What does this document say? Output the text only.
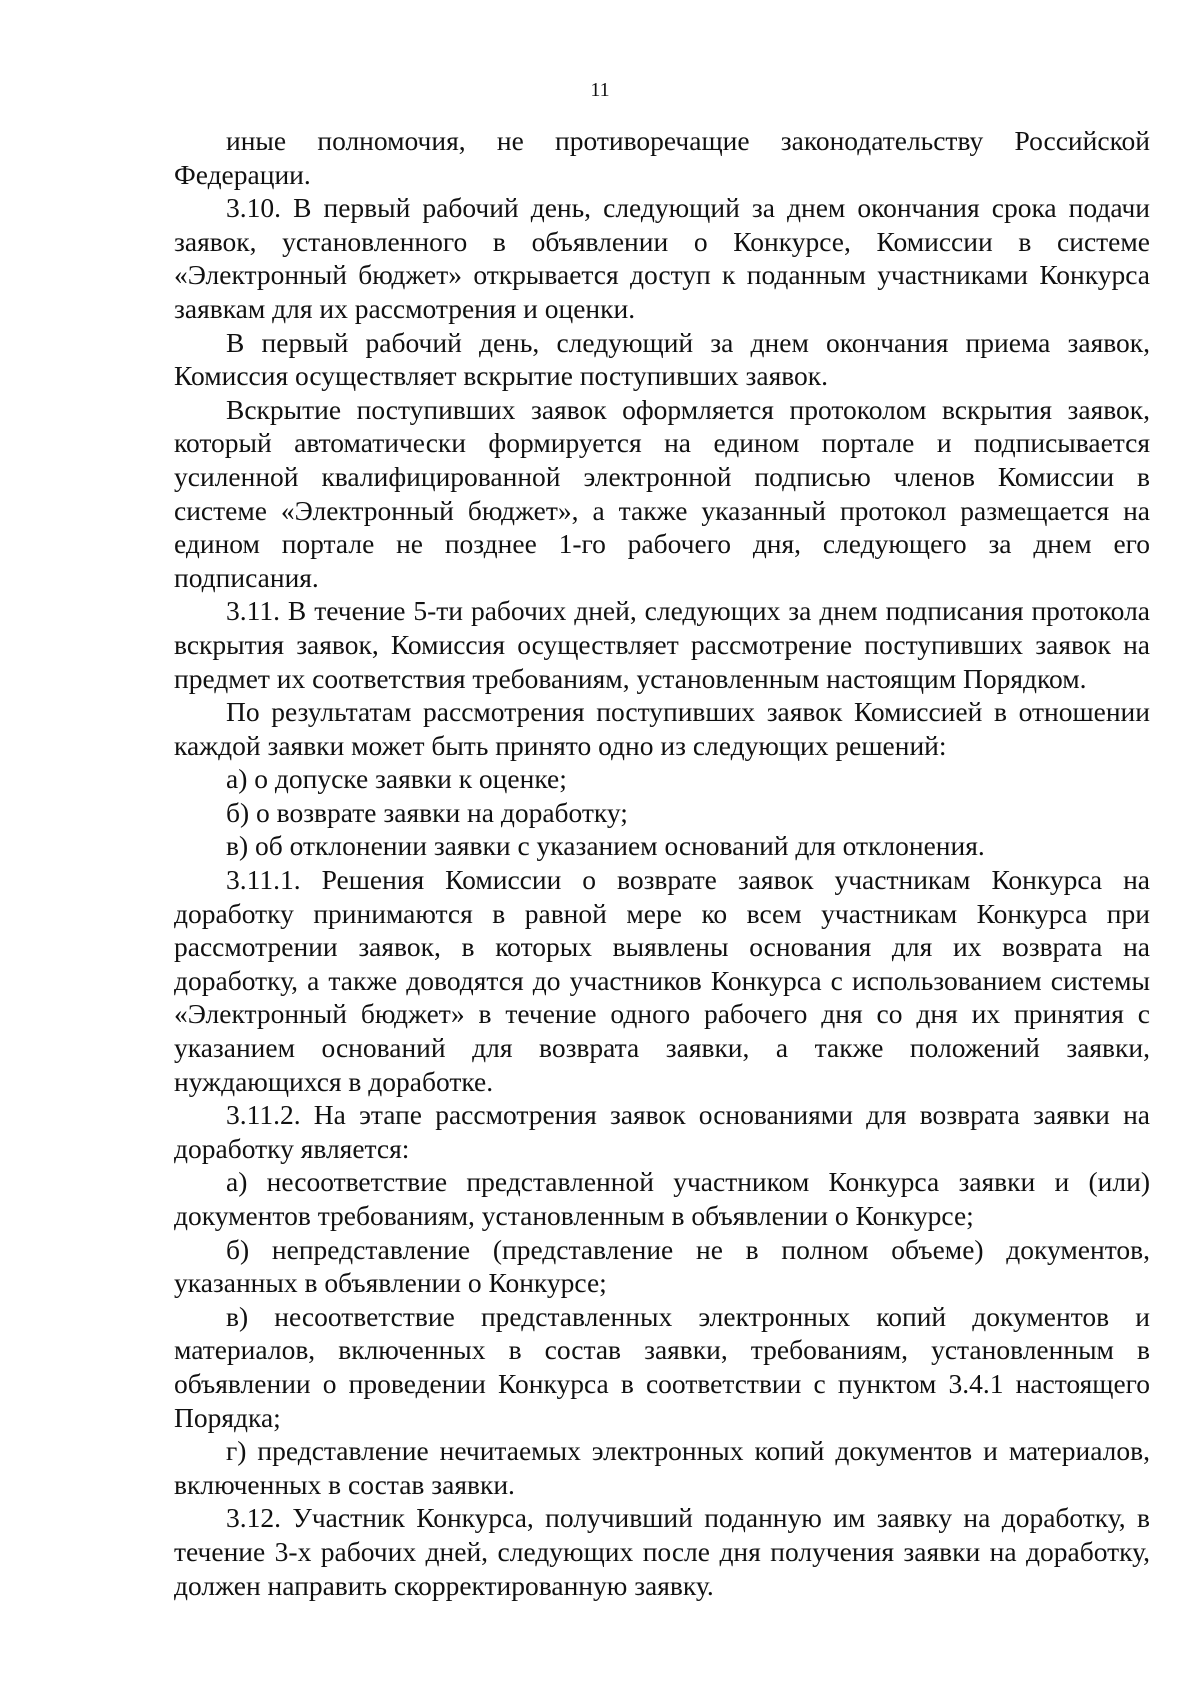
11

иные полномочия, не противоречащие законодательству Российской Федерации.

3.10. В первый рабочий день, следующий за днем окончания срока подачи заявок, установленного в объявлении о Конкурсе, Комиссии в системе «Электронный бюджет» открывается доступ к поданным участниками Конкурса заявкам для их рассмотрения и оценки.

В первый рабочий день, следующий за днем окончания приема заявок, Комиссия осуществляет вскрытие поступивших заявок.

Вскрытие поступивших заявок оформляется протоколом вскрытия заявок, который автоматически формируется на едином портале и подписывается усиленной квалифицированной электронной подписью членов Комиссии в системе «Электронный бюджет», а также указанный протокол размещается на едином портале не позднее 1-го рабочего дня, следующего за днем его подписания.

3.11. В течение 5-ти рабочих дней, следующих за днем подписания протокола вскрытия заявок, Комиссия осуществляет рассмотрение поступивших заявок на предмет их соответствия требованиям, установленным настоящим Порядком.

По результатам рассмотрения поступивших заявок Комиссией в отношении каждой заявки может быть принято одно из следующих решений:

а) о допуске заявки к оценке;

б) о возврате заявки на доработку;

в) об отклонении заявки с указанием оснований для отклонения.

3.11.1. Решения Комиссии о возврате заявок участникам Конкурса на доработку принимаются в равной мере ко всем участникам Конкурса при рассмотрении заявок, в которых выявлены основания для их возврата на доработку, а также доводятся до участников Конкурса с использованием системы «Электронный бюджет» в течение одного рабочего дня со дня их принятия с указанием оснований для возврата заявки, а также положений заявки, нуждающихся в доработке.

3.11.2. На этапе рассмотрения заявок основаниями для возврата заявки на доработку является:

а) несоответствие представленной участником Конкурса заявки и (или) документов требованиям, установленным в объявлении о Конкурсе;

б) непредставление (представление не в полном объеме) документов, указанных в объявлении о Конкурсе;

в) несоответствие представленных электронных копий документов и материалов, включенных в состав заявки, требованиям, установленным в объявлении о проведении Конкурса в соответствии с пунктом 3.4.1 настоящего Порядка;

г) представление нечитаемых электронных копий документов и материалов, включенных в состав заявки.

3.12. Участник Конкурса, получивший поданную им заявку на доработку, в течение 3-х рабочих дней, следующих после дня получения заявки на доработку, должен направить скорректированную заявку.
